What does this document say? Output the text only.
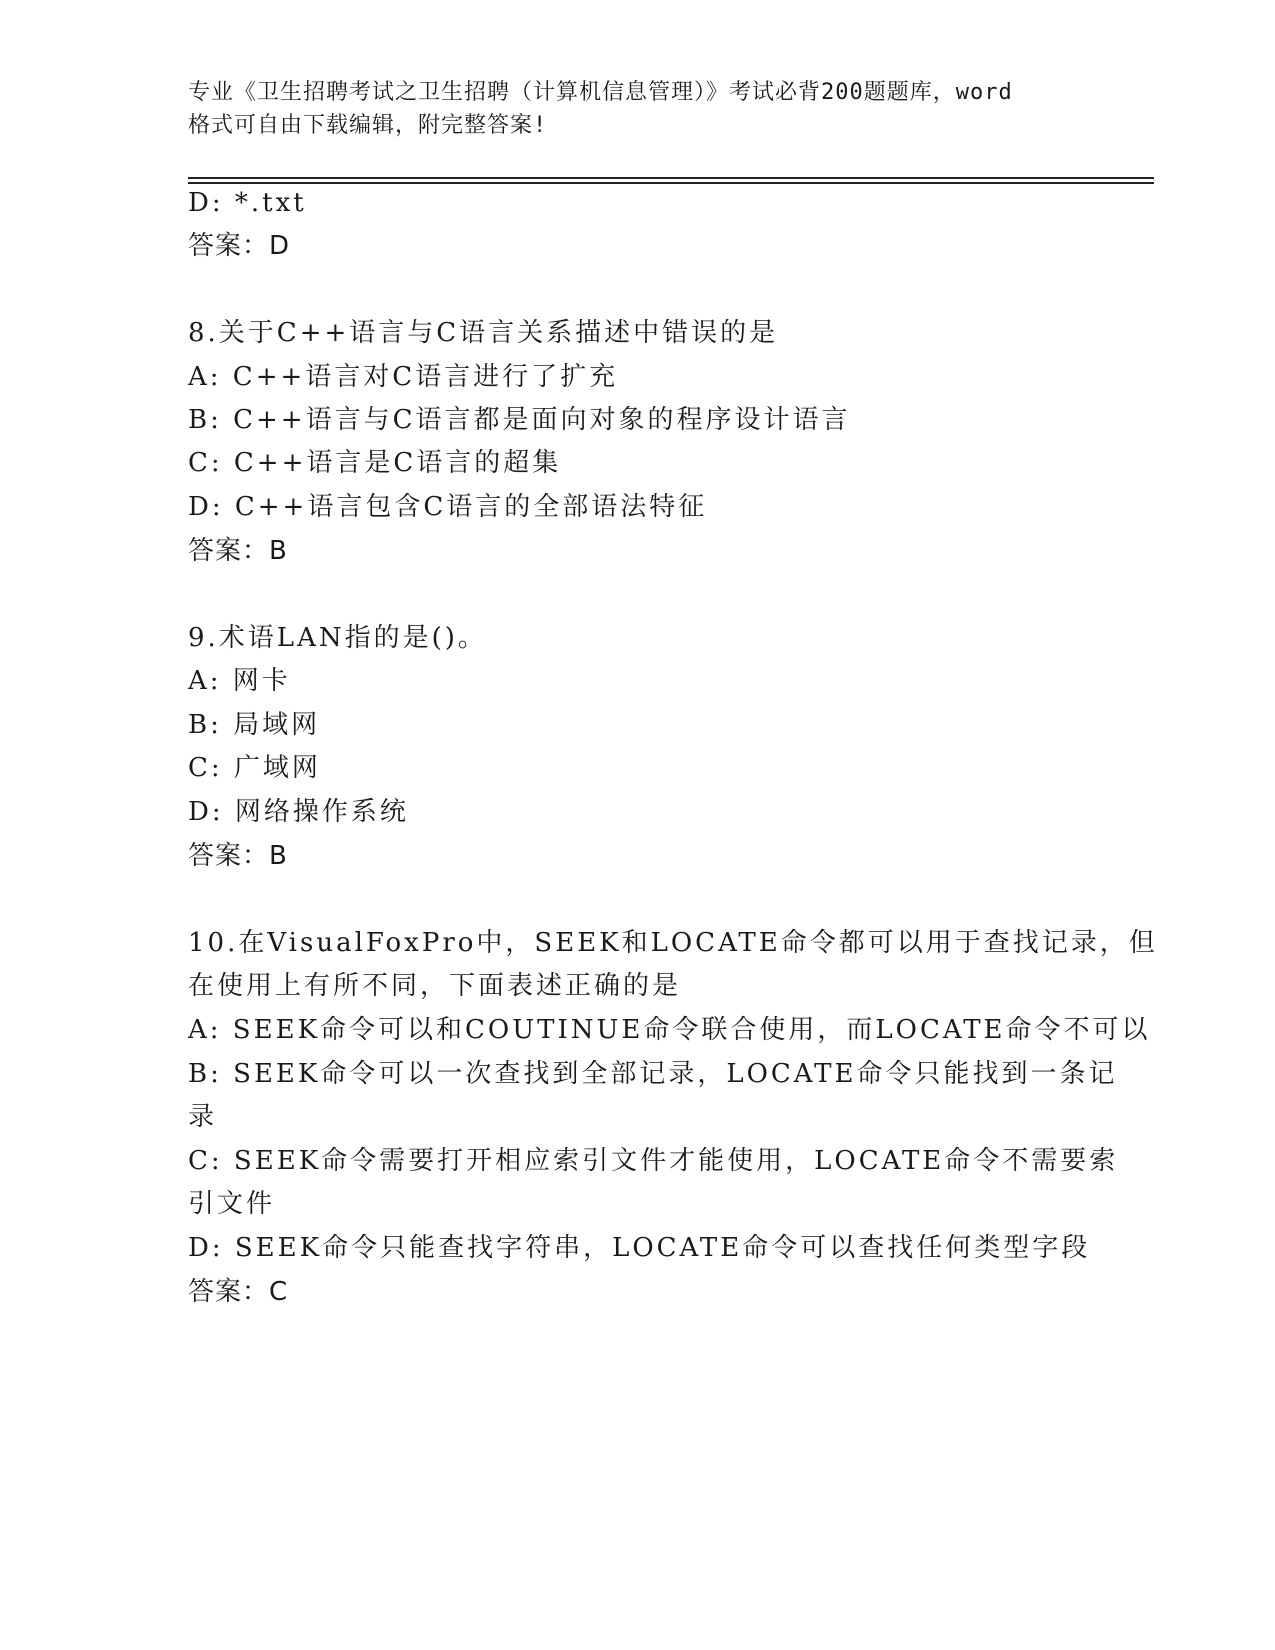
专业《卫生招聘考试之卫生招聘（计算机信息管理）》考试必背200题题库，word
格式可自由下载编辑，附完整答案!
D: *.txt
答案：D
8.关于C++语言与C语言关系描述中错误的是
A: C++语言对C语言进行了扩充
B: C++语言与C语言都是面向对象的程序设计语言
C: C++语言是C语言的超集
D: C++语言包含C语言的全部语法特征
答案：B
9.术语LAN指的是()。
A: 网卡
B: 局域网
C: 广域网
D: 网络操作系统
答案：B
10.在VisualFoxPro中，SEEK和LOCATE命令都可以用于查找记录，但
在使用上有所不同，下面表述正确的是
A: SEEK命令可以和COUTINUE命令联合使用，而LOCATE命令不可以
B: SEEK命令可以一次查找到全部记录，LOCATE命令只能找到一条记
录
C: SEEK命令需要打开相应索引文件才能使用，LOCATE命令不需要索
引文件
D: SEEK命令只能查找字符串，LOCATE命令可以查找任何类型字段
答案：C
